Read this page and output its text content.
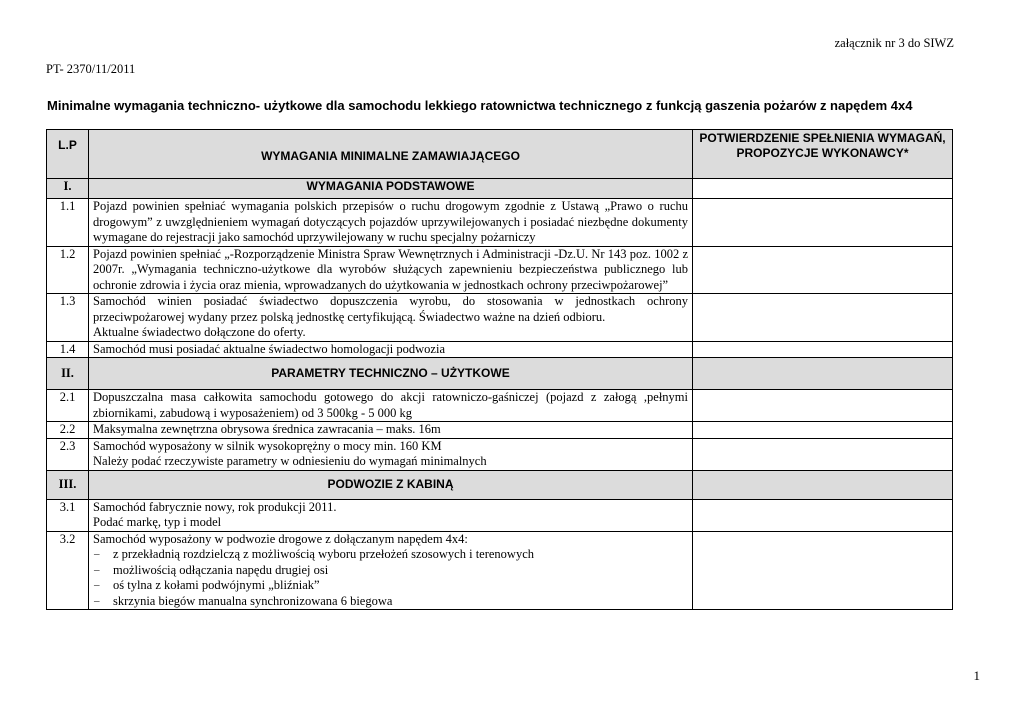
załącznik nr 3 do SIWZ
PT- 2370/11/2011
Minimalne wymagania techniczno- użytkowe dla samochodu lekkiego ratownictwa technicznego z funkcją gaszenia pożarów z napędem 4x4
L.P	WYMAGANIA MINIMALNE ZAMAWIAJĄCEGO	POTWIERDZENIE SPEŁNIENIA WYMAGAŃ, PROPOZYCJE WYKONAWCY*
I.	WYMAGANIA PODSTAWOWE	
1.1	Pojazd powinien spełniać wymagania polskich przepisów o ruchu drogowym zgodnie z Ustawą „Prawo o ruchu drogowym” z uwzględnieniem wymagań dotyczących pojazdów uprzywilejowanych i posiadać niezbędne dokumenty wymagane do rejestracji jako samochód uprzywilejowany w ruchu specjalny pożarniczy	
1.2	Pojazd powinien spełniać „-Rozporządzenie Ministra Spraw Wewnętrznych i Administracji -Dz.U. Nr 143 poz. 1002 z 2007r. „Wymagania techniczno-użytkowe dla wyrobów służących zapewnieniu bezpieczeństwa publicznego lub ochronie zdrowia i życia oraz mienia, wprowadzanych do użytkowania w jednostkach ochrony przeciwpożarowej”	
1.3	Samochód winien posiadać świadectwo dopuszczenia wyrobu, do stosowania w jednostkach ochrony przeciwpożarowej wydany przez polską jednostkę certyfikującą. Świadectwo ważne na dzień odbioru.
Aktualne świadectwo dołączone do oferty.	

1.4	Samochód musi posiadać aktualne świadectwo homologacji podwozia	
II.	PARAMETRY TECHNICZNO – UŻYTKOWE	
2.1	Dopuszczalna masa całkowita samochodu gotowego do akcji ratowniczo-gaśniczej (pojazd z załogą ,pełnymi zbiornikami, zabudową i wyposażeniem) od 3 500kg - 5 000 kg	
2.2	Maksymalna zewnętrzna obrysowa średnica zawracania – maks. 16m	
2.3	Samochód wyposażony w silnik wysokoprężny o mocy min. 160 KM
Należy podać rzeczywiste parametry w odniesieniu do wymagań minimalnych	

III.	PODWOZIE Z KABINĄ	
3.1	Samochód fabrycznie nowy, rok produkcji 2011.
Podać markę, typ i model	

3.2	Samochód wyposażony w podwozie drogowe z dołączanym napędem 4x4:
– z przekładnią rozdzielczą z możliwością wyboru przełożeń szosowych i terenowych
– możliwością odłączania napędu drugiej osi
– oś tylna z kołami podwójnymi „bliźniak”
– skrzynia biegów manualna synchronizowana 6 biegowa

1
